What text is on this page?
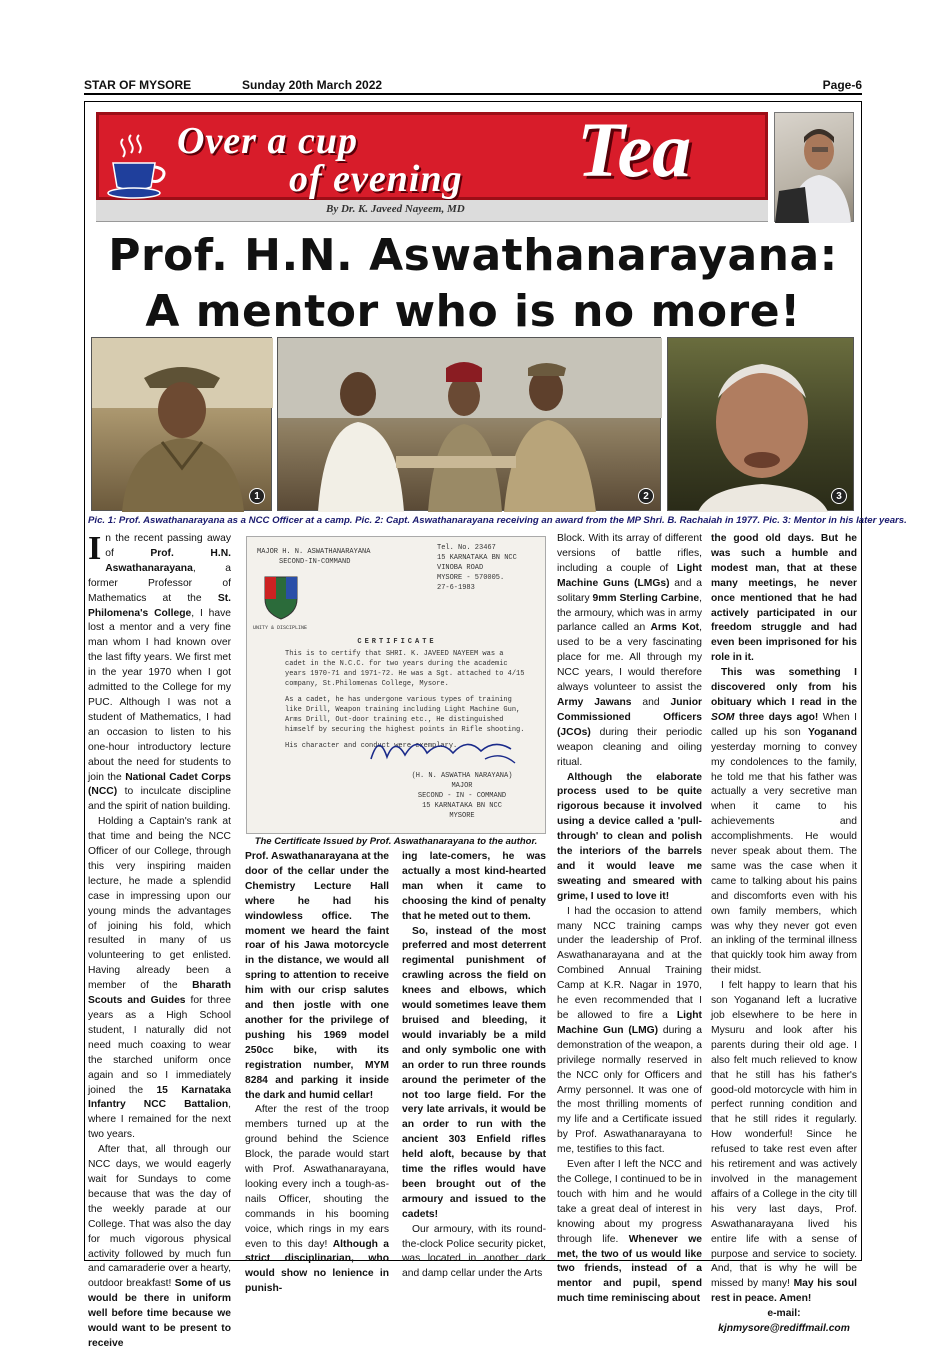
STAR OF MYSORE	Sunday 20th March 2022	Page-6
Over a cup
of evening Tea
By Dr. K. Javeed Nayeem, MD
Prof. H.N. Aswathanarayana:
A mentor who is no more!
1	2	3
Pic. 1: Prof. Aswathanarayana as a NCC Officer at a camp. Pic. 2: Capt. Aswathanarayana receiving an award from the MP Shri. B. Rachaiah in 1977. Pic. 3: Mentor in his later years.

In the recent passing away of Prof. H.N. Aswathanarayana, a former Professor of Mathematics at the St. Philomena's College, I have lost a mentor and a very fine man whom I had known over the last fifty years. We first met in the year 1970 when I got admitted to the College for my PUC. Although I was not a student of Mathematics, I had an occasion to listen to his one-hour introductory lecture about the need for students to join the National Cadet Corps (NCC) to inculcate discipline and the spirit of nation building.

Holding a Captain's rank at that time and being the NCC Officer of our College, through this very inspiring maiden lecture, he made a splendid case in impressing upon our young minds the advantages of joining his fold, which resulted in many of us volunteering to get enlisted. Having already been a member of the Bharath Scouts and Guides for three years as a High School student, I naturally did not need much coaxing to wear the starched uniform once again and so I immediately joined the 15 Karnataka Infantry NCC Battalion, where I remained for the next two years.

After that, all through our NCC days, we would eagerly wait for Sundays to come because that was the day of the weekly parade at our College. That was also the day for much vigorous physical activity followed by much fun and camaraderie over a hearty, outdoor breakfast! Some of us would be there in uniform well before time because we would want to be present to receive

MAJOR H. N. ASWATHANARAYANA
SECOND-IN-COMMAND
Tel. No. 23467
15 KARNATAKA BN NCC
VINOBA ROAD
MYSORE - 570005.
27-6-1983
UNITY & DISCIPLINE
CERTIFICATE
This is to certify that SHRI. K. JAVEED NAYEEM was a cadet in the N.C.C. for two years during the academic years 1970-71 and 1971-72. He was a Sgt. attached to 4/15 company, St.Philomenas College, Mysore.
As a cadet, he has undergone various types of training like Drill, Weapon training including Light Machine Gun, Arms Drill, Out-door training etc., He distinguished himself by securing the highest points in Rifle shooting.
His character and conduct were exemplary.
(H. N. ASWATHA NARAYANA)
MAJOR
SECOND - IN - COMMAND
15 KARNATAKA BN NCC
MYSORE
The Certificate Issued by Prof. Aswathanarayana to the author.

Prof. Aswathanarayana at the door of the cellar under the Chemistry Lecture Hall where he had his windowless office. The moment we heard the faint roar of his Jawa motorcycle in the distance, we would all spring to attention to receive him with our crisp salutes and then jostle with one another for the privilege of pushing his 1969 model 250cc bike, with its registration number, MYM 8284 and parking it inside the dark and humid cellar!

After the rest of the troop members turned up at the ground behind the Science Block, the parade would start with Prof. Aswathanarayana, looking every inch a tough-as-nails Officer, shouting the commands in his booming voice, which rings in my ears even to this day! Although a strict disciplinarian, who would show no lenience in punish-

ing late-comers, he was actually a most kind-hearted man when it came to choosing the kind of penalty that he meted out to them.

So, instead of the most preferred and most deterrent regimental punishment of crawling across the field on knees and elbows, which would sometimes leave them bruised and bleeding, it would invariably be a mild and only symbolic one with an order to run three rounds around the perimeter of the not too large field. For the very late arrivals, it would be an order to run with the ancient 303 Enfield rifles held aloft, because by that time the rifles would have been brought out of the armoury and issued to the cadets!

Our armoury, with its round-the-clock Police security picket, was located in another dark and damp cellar under the Arts

Block. With its array of different versions of battle rifles, including a couple of Light Machine Guns (LMGs) and a solitary 9mm Sterling Carbine, the armoury, which was in army parlance called an Arms Kot, used to be a very fascinating place for me. All through my NCC years, I would therefore always volunteer to assist the Army Jawans and Junior Commissioned Officers (JCOs) during their periodic weapon cleaning and oiling ritual.

Although the elaborate process used to be quite rigorous because it involved using a device called a 'pull-through' to clean and polish the interiors of the barrels and it would leave me sweating and smeared with grime, I used to love it!

I had the occasion to attend many NCC training camps under the leadership of Prof. Aswathanarayana and at the Combined Annual Training Camp at K.R. Nagar in 1970, he even recommended that I be allowed to fire a Light Machine Gun (LMG) during a demonstration of the weapon, a privilege normally reserved in the NCC only for Officers and Army personnel. It was one of the most thrilling moments of my life and a Certificate issued by Prof. Aswathanarayana to me, testifies to this fact.

Even after I left the NCC and the College, I continued to be in touch with him and he would take a great deal of interest in knowing about my progress through life. Whenever we met, the two of us would like two friends, instead of a mentor and pupil, spend much time reminiscing about

the good old days. But he was such a humble and modest man, that at these many meetings, he never once mentioned that he had actively participated in our freedom struggle and had even been imprisoned for his role in it.

This was something I discovered only from his obituary which I read in the SOM three days ago! When I called up his son Yoganand yesterday morning to convey my condolences to the family, he told me that his father was actually a very secretive man when it came to his achievements and accomplishments. He would never speak about them. The same was the case when it came to talking about his pains and discomforts even with his own family members, which was why they never got even an inkling of the terminal illness that quickly took him away from their midst.

I felt happy to learn that his son Yoganand left a lucrative job elsewhere to be here in Mysuru and look after his parents during their old age. I also felt much relieved to know that he still has his father's good-old motorcycle with him in perfect running condition and that he still rides it regularly. How wonderful! Since he refused to take rest even after his retirement and was actively involved in the management affairs of a College in the city till his very last days, Prof. Aswathanarayana lived his entire life with a sense of purpose and service to society. And, that is why he will be missed by many! May his soul rest in peace. Amen!

e-mail:
kjnmysore@rediffmail.com
